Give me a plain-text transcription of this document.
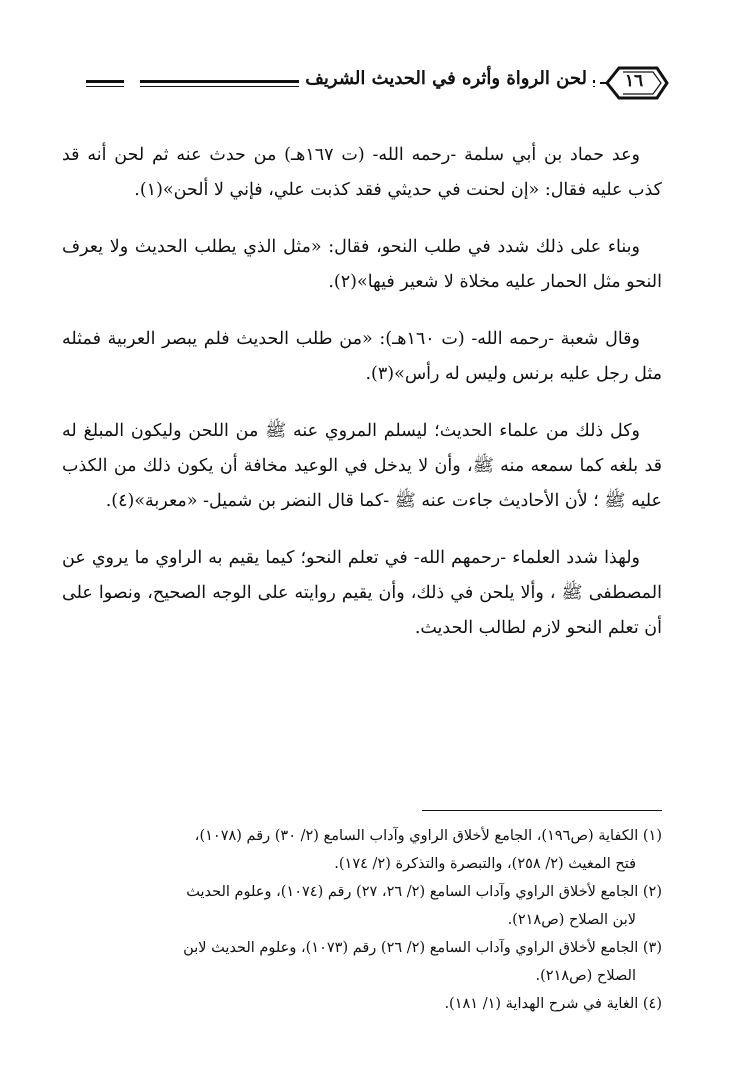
لحن الرواة وأثره في الحديث الشريف	١٦

وعد حماد بن أبي سلمة -رحمه الله- (ت ١٦٧هـ) من حدث عنه ثم لحن أنه قد كذب عليه فقال: «إن لحنت في حديثي فقد كذبت علي، فإني لا ألحن»(١).

وبناء على ذلك شدد في طلب النحو، فقال: «مثل الذي يطلب الحديث ولا يعرف النحو مثل الحمار عليه مخلاة لا شعير فيها»(٢).

وقال شعبة -رحمه الله- (ت ١٦٠هـ): «من طلب الحديث فلم يبصر العربية فمثله مثل رجل عليه برنس وليس له رأس»(٣).

وكل ذلك من علماء الحديث؛ ليسلم المروي عنه ﷺ من اللحن وليكون المبلغ له قد بلغه كما سمعه منه ﷺ، وأن لا يدخل في الوعيد مخافة أن يكون ذلك من الكذب عليه ﷺ ؛ لأن الأحاديث جاءت عنه ﷺ -كما قال النضر بن شميل- «معربة»(٤).

ولهذا شدد العلماء -رحمهم الله- في تعلم النحو؛ كيما يقيم به الراوي ما يروي عن المصطفى ﷺ ، وألا يلحن في ذلك، وأن يقيم روايته على الوجه الصحيح، ونصوا على أن تعلم النحو لازم لطالب الحديث.

(١) الكفاية (ص١٩٦)، الجامع لأخلاق الراوي وآداب السامع (٢/ ٣٠) رقم (١٠٧٨)،
فتح المغيث (٢/ ٢٥٨)، والتبصرة والتذكرة (٢/ ١٧٤).
(٢) الجامع لأخلاق الراوي وآداب السامع (٢/ ٢٦، ٢٧) رقم (١٠٧٤)، وعلوم الحديث
لابن الصلاح (ص٢١٨).
(٣) الجامع لأخلاق الراوي وآداب السامع (٢/ ٢٦) رقم (١٠٧٣)، وعلوم الحديث لابن
الصلاح (ص٢١٨).
(٤) الغاية في شرح الهداية (١/ ١٨١).
